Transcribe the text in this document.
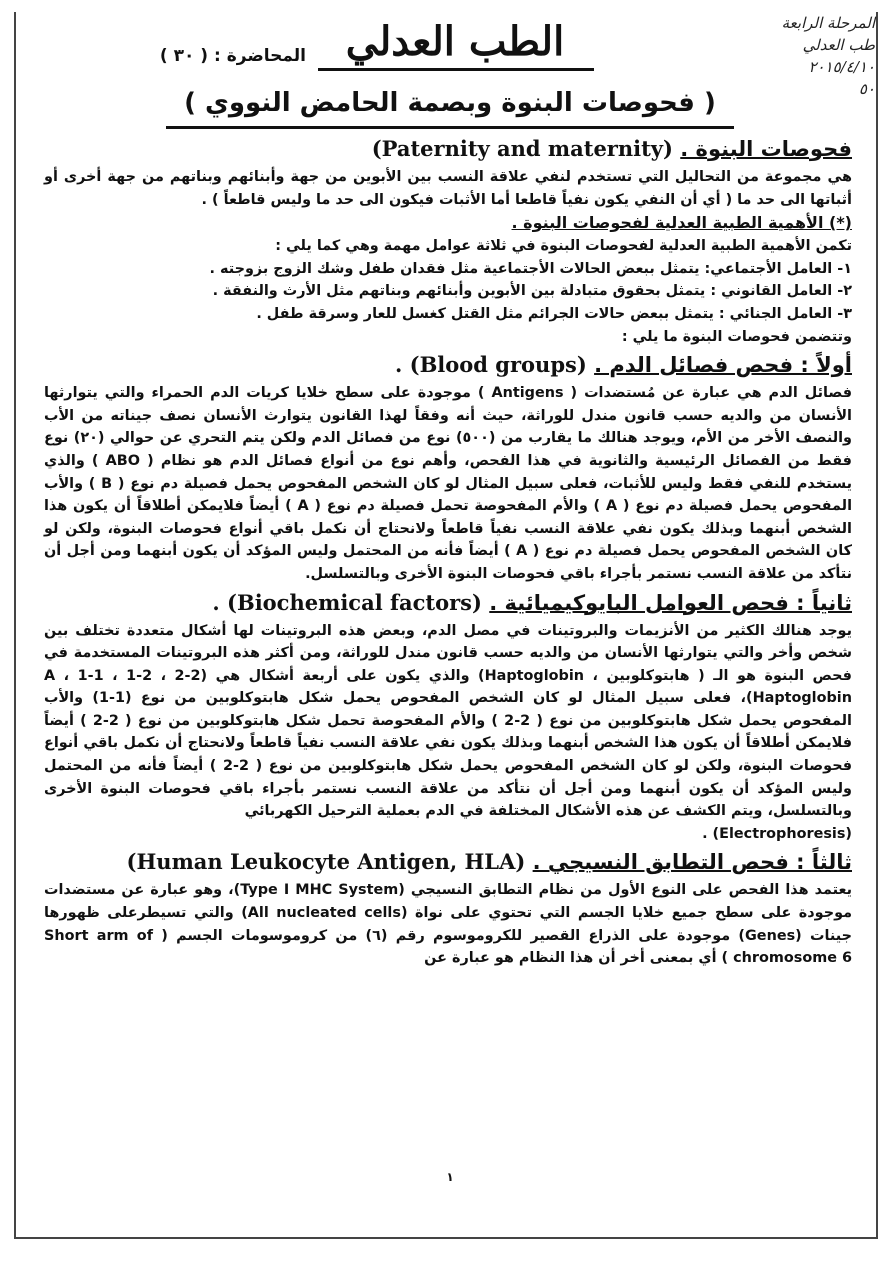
المرحلة الرابعة
طب العدلي
٢٠١٥/٤/١٠
٥٠
الطب العدلي
المحاضرة : ( ٣٠ )
( فحوصات البنوة وبصمة الحامض النووي )
فحوصات البنوة . (Paternity and maternity)

هي مجموعة من التحاليل التي تستخدم لنفي علاقة النسب بين الأبوين من جهة وأبنائهم وبناتهم من جهة أخرى أو أثباتها الى حد ما ( أي أن النفي يكون نفياً قاطعا أما الأثبات فيكون الى حد ما وليس قاطعاً ) .

(*) الأهمية الطبية العدلية لفحوصات البنوة .

تكمن الأهمية الطبية العدلية لفحوصات البنوة في ثلاثة عوامل مهمة وهي كما يلي :

١- العامل الأجتماعي: يتمثل ببعض الحالات الأجتماعية مثل فقدان طفل وشك الزوج بزوجته .

٢- العامل القانوني : يتمثل بحقوق متبادلة بين الأبوين وأبنائهم وبناتهم مثل الأرث والنفقة .

٣- العامل الجنائي : يتمثل ببعض حالات الجرائم مثل القتل كغسل للعار وسرقة طفل .

وتتضمن فحوصات البنوة ما يلي :

أولاً : فحص فصائل الدم . (Blood groups) .

فصائل الدم هي عبارة عن مُستضدات ( Antigens ) موجودة على سطح خلايا كريات الدم الحمراء والتي يتوارثها الأنسان من والديه حسب قانون مندل للوراثة، حيث أنه وفقاً لهذا القانون يتوارث الأنسان نصف جيناته من الأب والنصف الأخر من الأم، ويوجد هنالك ما يقارب من (٥٠٠) نوع من فصائل الدم ولكن يتم التحري عن حوالي (٢٠) نوع فقط من الفصائل الرئيسية والثانوية في هذا الفحص، وأهم نوع من أنواع فصائل الدم هو نظام ( ABO ) والذي يستخدم للنفي فقط وليس للأثبات، فعلى سبيل المثال لو كان الشخص المفحوص يحمل فصيلة دم نوع ( B ) والأب المفحوص يحمل فصيلة دم نوع ( A ) والأم المفحوصة تحمل فصيلة دم نوع ( A ) أيضاً فلايمكن أطلاقاً أن يكون هذا الشخص أبنهما وبذلك يكون نفي علاقة النسب نفياً قاطعاً ولانحتاج أن نكمل باقي أنواع فحوصات البنوة، ولكن لو كان الشخص المفحوص يحمل فصيلة دم نوع ( A ) أيضاً فأنه من المحتمل وليس المؤكد أن يكون أبنهما ومن أجل أن نتأكد من علاقة النسب نستمر بأجراء باقي فحوصات البنوة الأخرى وبالتسلسل.

ثانياً : فحص العوامل البايوكيميائية . (Biochemical factors) .

يوجد هنالك الكثير من الأنزيمات والبروتينات في مصل الدم، وبعض هذه البروتينات لها أشكال متعددة تختلف بين شخص وأخر والتي يتوارثها الأنسان من والديه حسب قانون مندل للوراثة، ومن أكثر هذه البروتينات المستخدمة في فحص البنوة هو الـ ( هابتوكلوبين ، Haptoglobin) والذي يكون على أربعة أشكال هي (2-2 ، 2-1 ، 1-1 ، A Haptoglobin)، فعلى سبيل المثال لو كان الشخص المفحوص يحمل شكل هابتوكلوبين من نوع (1-1) والأب المفحوص يحمل شكل هابتوكلوبين من نوع ( 2-2 ) والأم المفحوصة تحمل شكل هابتوكلوبين من نوع ( 2-2 ) أيضاً فلايمكن أطلاقاً أن يكون هذا الشخص أبنهما وبذلك يكون نفي علاقة النسب نفياً قاطعاً ولانحتاج أن نكمل باقي أنواع فحوصات البنوة، ولكن لو كان الشخص المفحوص يحمل شكل هابتوكلوبين من نوع ( 2-2 ) أيضاً فأنه من المحتمل وليس المؤكد أن يكون أبنهما ومن أجل أن نتأكد من علاقة النسب نستمر بأجراء باقي فحوصات البنوة الأخرى وبالتسلسل، ويتم الكشف عن هذه الأشكال المختلفة في الدم بعملية الترحيل الكهربائي

(Electrophoresis) .

ثالثاً : فحص التطابق النسيجي . (Human Leukocyte Antigen, HLA)

يعتمد هذا الفحص على النوع الأول من نظام التطابق النسيجي (Type I MHC System)، وهو عبارة عن مستضدات موجودة على سطح جميع خلايا الجسم التي تحتوي على نواة (All nucleated cells) والتي تسيطرعلى ظهورها جينات (Genes) موجودة على الذراع القصير للكروموسوم رقم (٦) من كروموسومات الجسم ( Short arm of chromosome 6 ) أي بمعنى أخر أن هذا النظام هو عبارة عن

١
